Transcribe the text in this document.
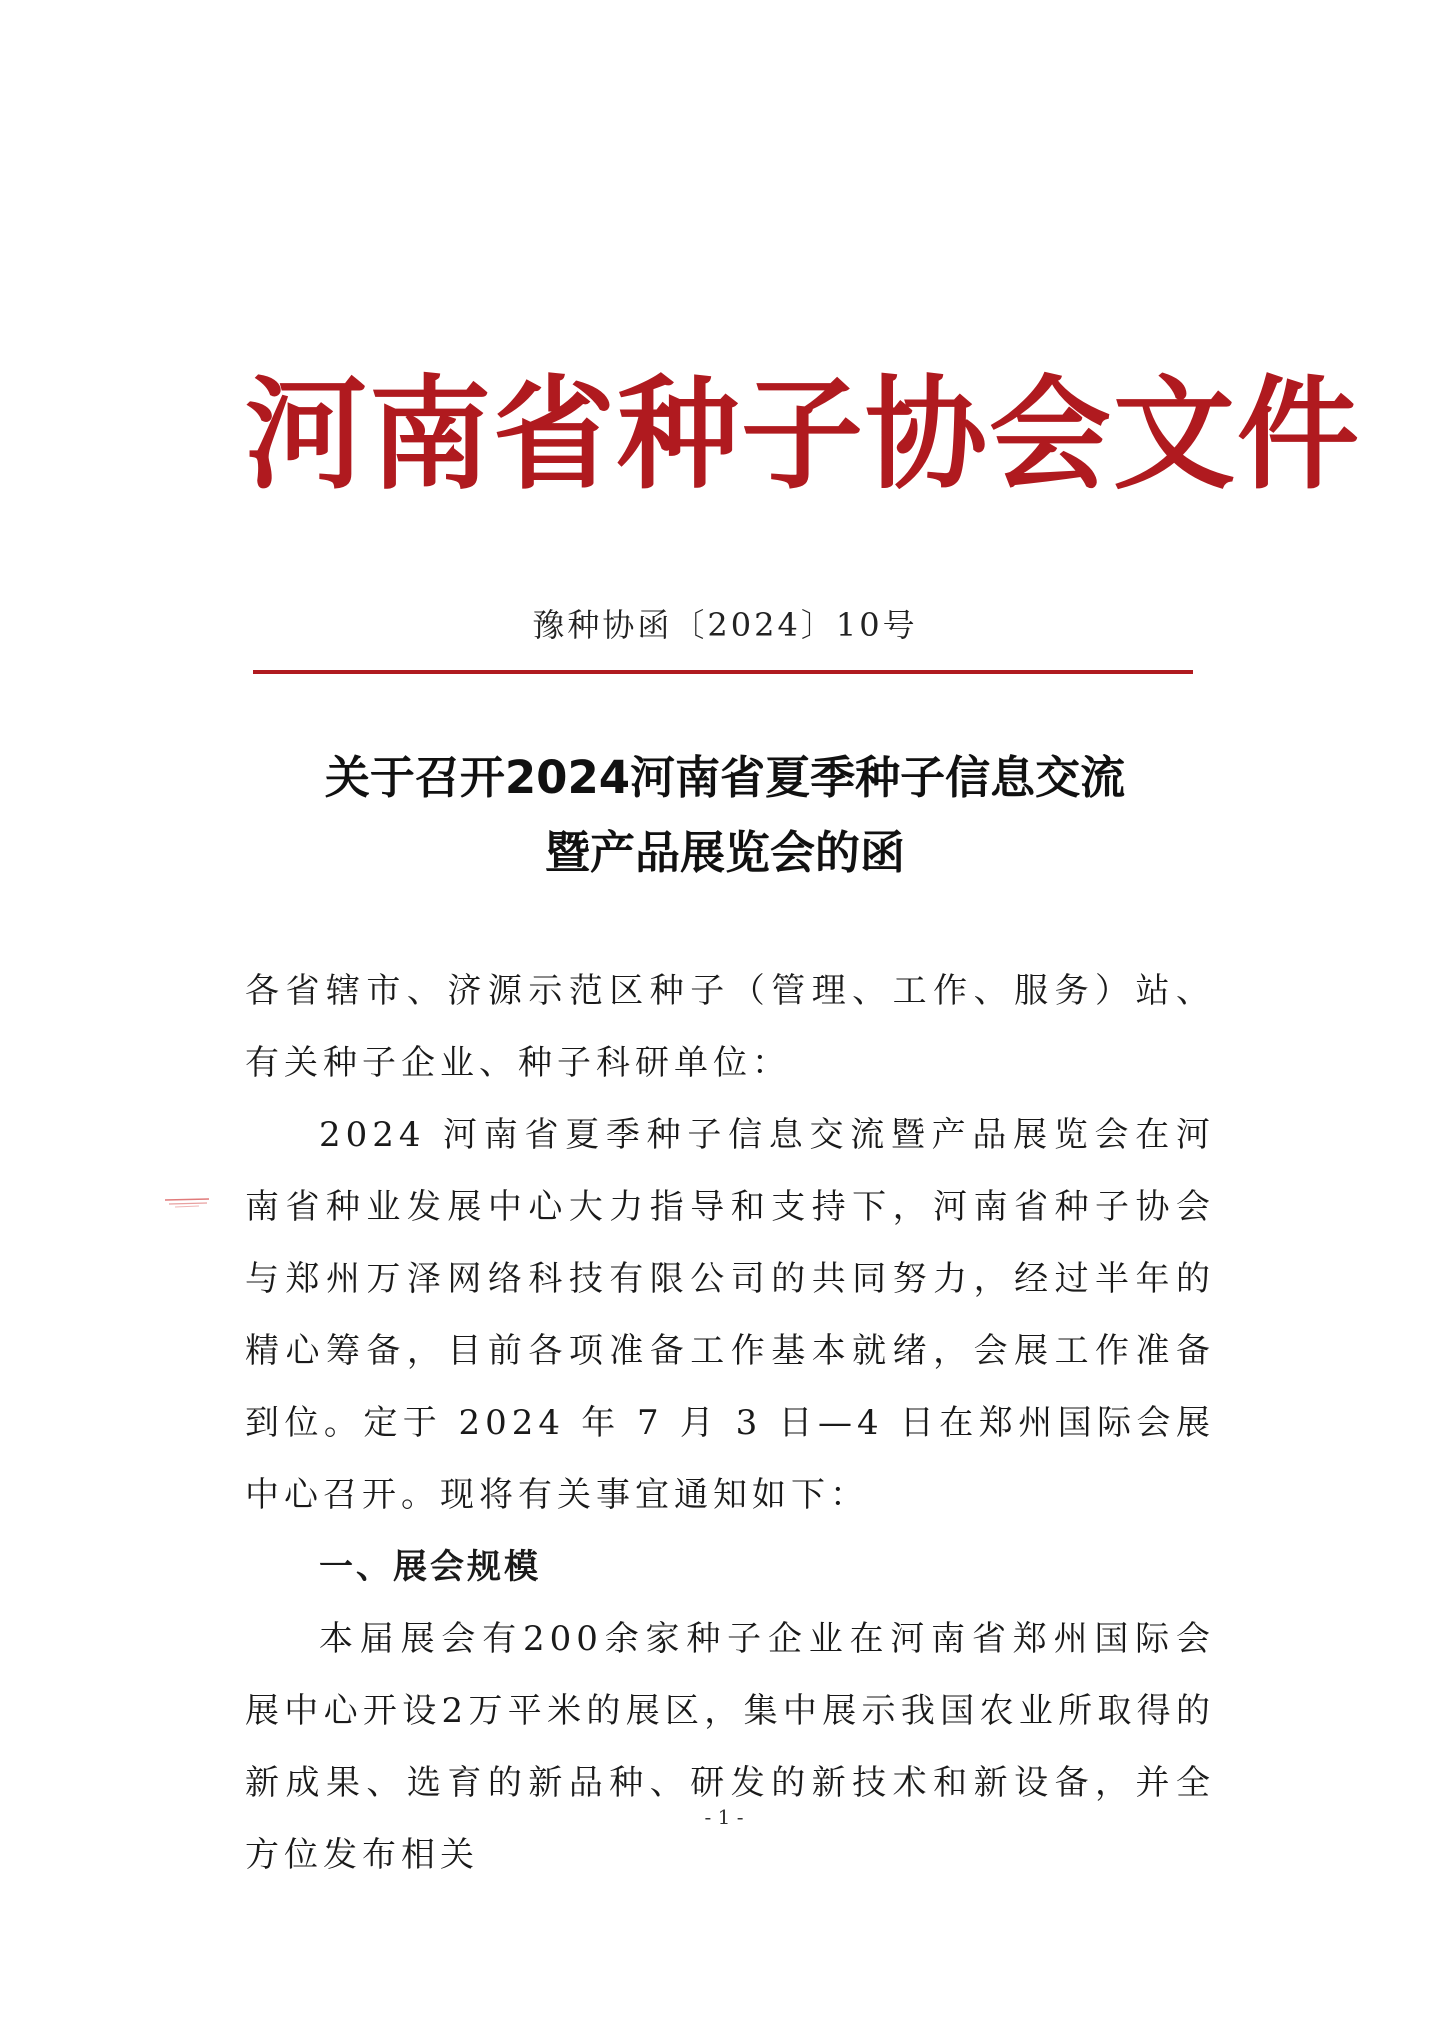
河南省种子协会文件
豫种协函〔2024〕10号
关于召开2024河南省夏季种子信息交流
暨产品展览会的函

各省辖市、济源示范区种子（管理、工作、服务）站、有关种子企业、种子科研单位：

2024 河南省夏季种子信息交流暨产品展览会在河南省种业发展中心大力指导和支持下，河南省种子协会与郑州万泽网络科技有限公司的共同努力，经过半年的精心筹备，目前各项准备工作基本就绪，会展工作准备到位。定于 2024 年 7 月 3 日—4 日在郑州国际会展中心召开。现将有关事宜通知如下：

一、展会规模

本届展会有200余家种子企业在河南省郑州国际会展中心开设2万平米的展区，集中展示我国农业所取得的新成果、选育的新品种、研发的新技术和新设备，并全方位发布相关

- 1 -
